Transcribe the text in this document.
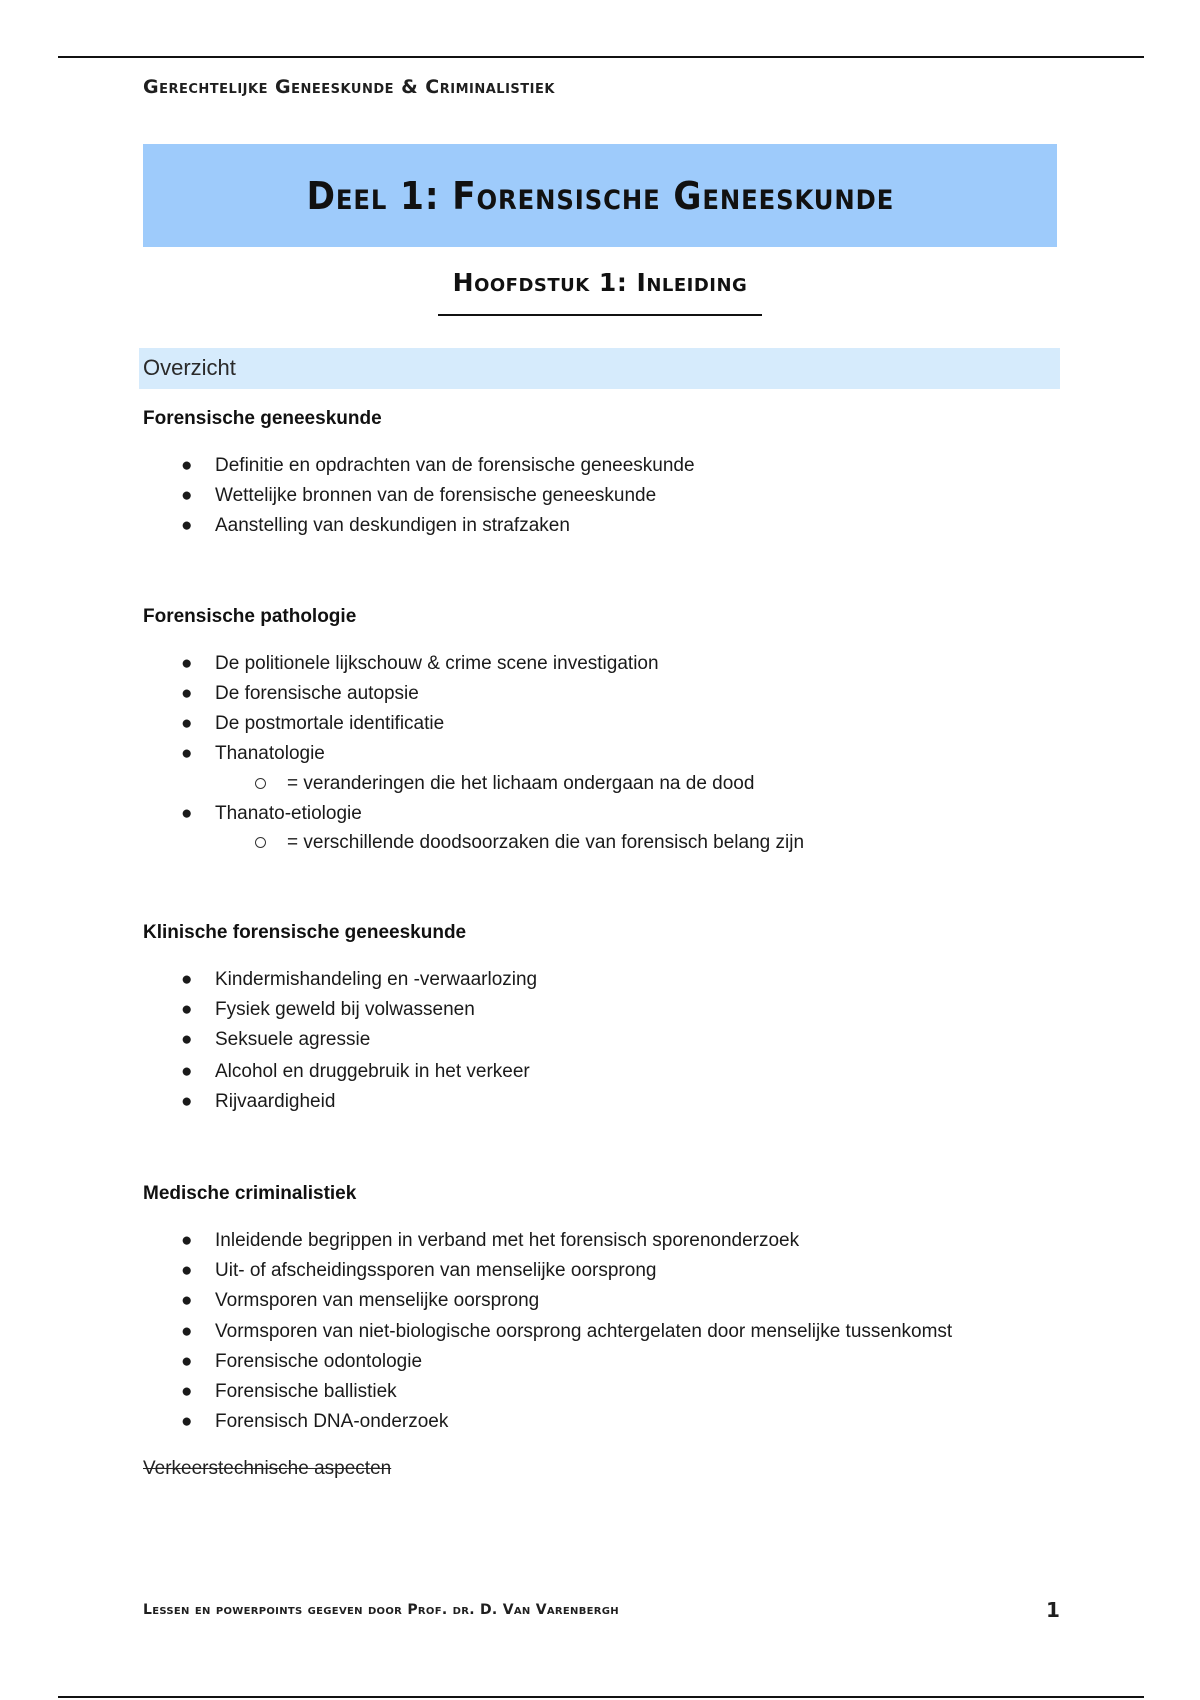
Gerechtelijke Geneeskunde & Criminalistiek
Deel 1: Forensische Geneeskunde
Hoofdstuk 1: Inleiding
Overzicht
Forensische geneeskunde
● Definitie en opdrachten van de forensische geneeskunde
● Wettelijke bronnen van de forensische geneeskunde
● Aanstelling van deskundigen in strafzaken
Forensische pathologie
● De politionele lijkschouw & crime scene investigation
● De forensische autopsie
● De postmortale identificatie
● Thanatologie
= veranderingen die het lichaam ondergaan na de dood
● Thanato-etiologie
= verschillende doodsoorzaken die van forensisch belang zijn
Klinische forensische geneeskunde
● Kindermishandeling en -verwaarlozing
● Fysiek geweld bij volwassenen
● Seksuele agressie
● Alcohol en druggebruik in het verkeer
● Rijvaardigheid
Medische criminalistiek
● Inleidende begrippen in verband met het forensisch sporenonderzoek
● Uit- of afscheidingssporen van menselijke oorsprong
● Vormsporen van menselijke oorsprong
● Vormsporen van niet-biologische oorsprong achtergelaten door menselijke tussenkomst
● Forensische odontologie
● Forensische ballistiek
● Forensisch DNA-onderzoek
Verkeerstechnische aspecten
Lessen en powerpoints gegeven door Prof. dr. D. Van Varenbergh	1
